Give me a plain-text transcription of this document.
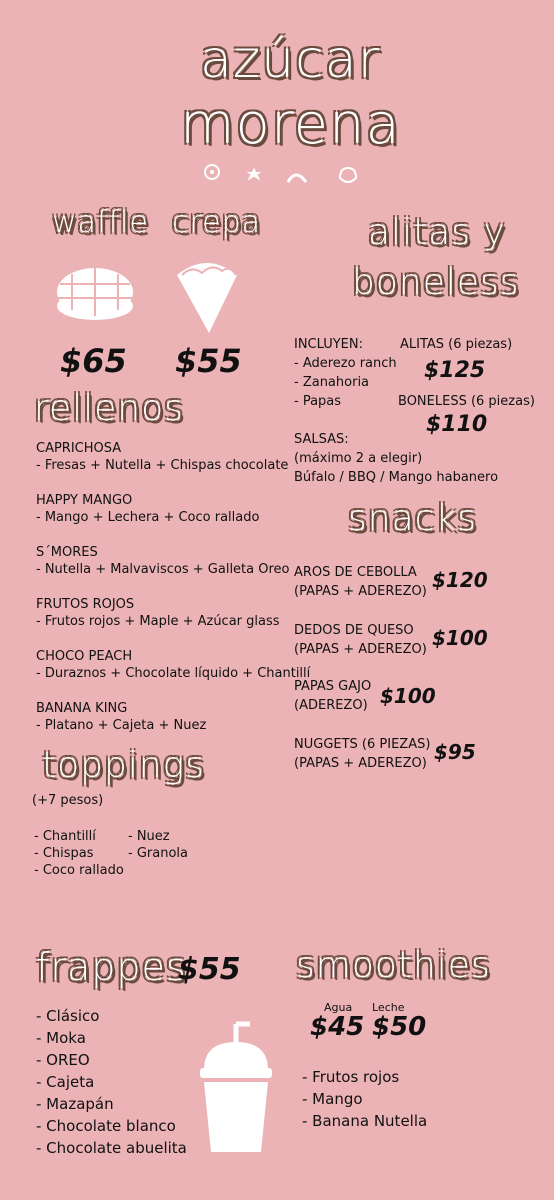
azúcar
morena
waffle
$65
crepa
$55
rellenos
CAPRICHOSA
- Fresas + Nutella + Chispas chocolate
HAPPY MANGO
- Mango + Lechera + Coco rallado
S´MORES
- Nutella + Malvaviscos + Galleta Oreo
FRUTOS ROJOS
- Frutos rojos + Maple + Azúcar glass
CHOCO PEACH
- Duraznos + Chocolate líquido + Chantillí
BANANA KING
- Platano + Cajeta + Nuez
toppings
(+7 pesos)
- Chantillí
- Chispas
- Coco rallado
- Nuez
- Granola
alitas y
boneless
INCLUYEN:
- Aderezo ranch
- Zanahoria
- Papas
ALITAS (6 piezas)
$125
BONELESS (6 piezas)
$110
SALSAS:
(máximo 2 a elegir)
Búfalo / BBQ / Mango habanero
snacks
AROS DE CEBOLLA
(PAPAS + ADEREZO) $120
DEDOS DE QUESO
(PAPAS + ADEREZO) $100
PAPAS GAJO
(ADEREZO) $100
NUGGETS (6 PIEZAS)
(PAPAS + ADEREZO) $95
frappes
$55
- Clásico
- Moka
- OREO
- Cajeta
- Mazapán
- Chocolate blanco
- Chocolate abuelita
smoothies
Agua Leche
$45 $50
- Frutos rojos
- Mango
- Banana Nutella
